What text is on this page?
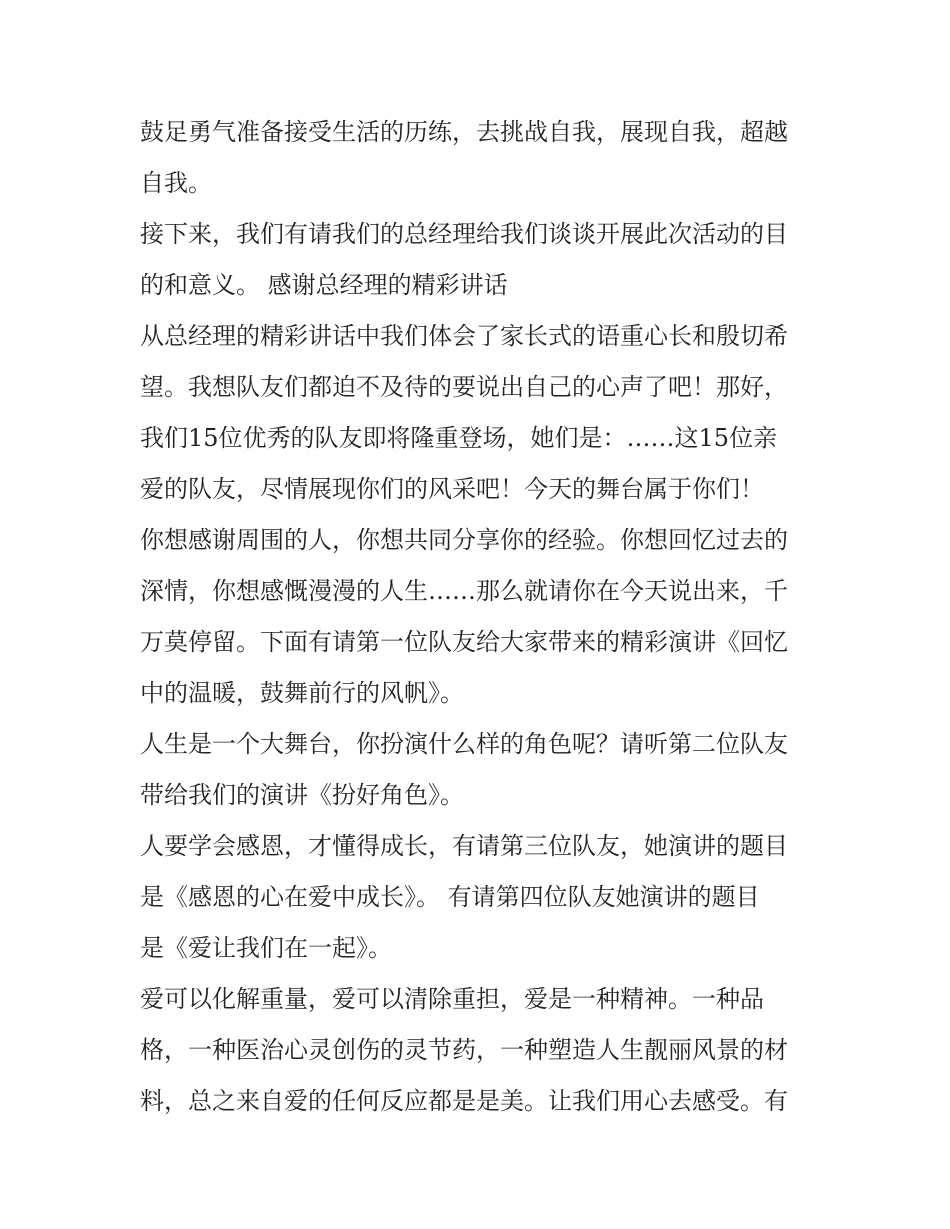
鼓足勇气准备接受生活的历练，去挑战自我，展现自我，超越
自我。
接下来，我们有请我们的总经理给我们谈谈开展此次活动的目
的和意义。 感谢总经理的精彩讲话
从总经理的精彩讲话中我们体会了家长式的语重心长和殷切希
望。我想队友们都迫不及待的要说出自己的心声了吧！那好，
我们15位优秀的队友即将隆重登场，她们是：……这15位亲
爱的队友，尽情展现你们的风采吧！今天的舞台属于你们！
你想感谢周围的人，你想共同分享你的经验。你想回忆过去的
深情，你想感慨漫漫的人生……那么就请你在今天说出来，千
万莫停留。下面有请第一位队友给大家带来的精彩演讲《回忆
中的温暖，鼓舞前行的风帆》。
人生是一个大舞台，你扮演什么样的角色呢？请听第二位队友
带给我们的演讲《扮好角色》。
人要学会感恩，才懂得成长，有请第三位队友，她演讲的题目
是《感恩的心在爱中成长》。 有请第四位队友她演讲的题目
是《爱让我们在一起》。
爱可以化解重量，爱可以清除重担，爱是一种精神。一种品
格，一种医治心灵创伤的灵节药，一种塑造人生靓丽风景的材
料，总之来自爱的任何反应都是是美。让我们用心去感受。有
